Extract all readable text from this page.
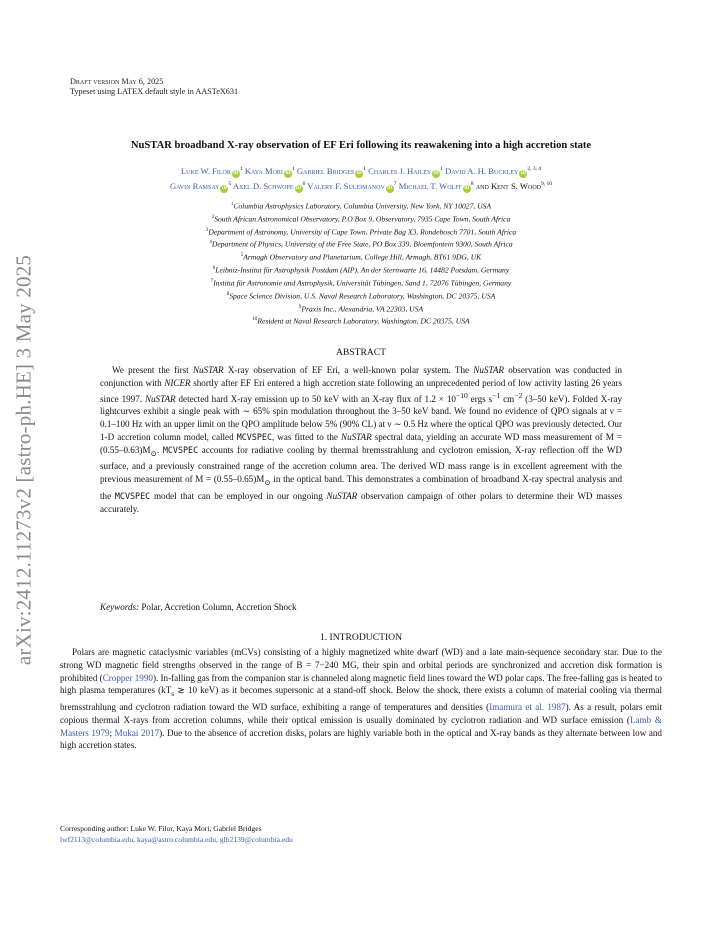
arXiv:2412.11273v2 [astro-ph.HE] 3 May 2025
Draft version May 6, 2025
Typeset using LATEX default style in AASTeX631
NuSTAR broadband X-ray observation of EF Eri following its reawakening into a high accretion state
Luke W. Filor $iD^1$ Kaya Mori $iD^1$ Gabriel Bridges $iD^1$ Charles J. Hailey $iD^1$ David A. H. Buckley iD$^{2, 3, 4}$
Gavin Ramsay $iD^5$ Axel D. Schwope $iD^6$ Valery F. Suleimanov $iD^7$ Michael T. Wolff $iD^8$ and Kent S. Wood$^{9, 10}$
$^1$Columbia Astrophysics Laboratory, Columbia University, New York, NY 10027, USA
$^2$South African Astronomical Observatory, P.O Box 9, Observatory, 7935 Cape Town, South Africa
$^3$Department of Astronomy, University of Cape Town, Private Bag X3, Rondebosch 7701, South Africa
$^4$Department of Physics, University of the Free State, PO Box 339, Bloemfontein 9300, South Africa
$^5$Armagh Observatory and Planetarium, College Hill, Armagh, BT61 9DG, UK
$^6$Leibniz-Institut für Astrophysik Postdam (AIP), An der Sternwarte 16, 14482 Potsdam, Germany
$^7$Institut für Astronomie und Astrophysik, Universität Tübingen, Sand 1, 72076 Tübingen, Germany
$^8$Space Science Division, U.S. Naval Research Laboratory, Washington, DC 20375, USA
$^9$Praxis Inc., Alexandria, VA 22303, USA
$^{10}$Resident at Naval Research Laboratory, Washington, DC 20375, USA
ABSTRACT
We present the first NuSTAR X-ray observation of EF Eri, a well-known polar system. The NuSTAR observation was conducted in conjunction with NICER shortly after EF Eri entered a high accretion state following an unprecedented period of low activity lasting 26 years since 1997. NuSTAR detected hard X-ray emission up to 50 keV with an X-ray flux of $1.2 \times 10^{-10}$ ergs $s^{-1}$ $cm^{-2}$ (3–50 keV). Folded X-ray lightcurves exhibit a single peak with ∼ 65% spin modulation throughout the 3–50 keV band. We found no evidence of QPO signals at ν = 0.1–100 Hz with an upper limit on the QPO amplitude below 5% (90% CL) at ν ∼ 0.5 Hz where the optical QPO was previously detected. Our 1-D accretion column model, called MCVSPEC, was fitted to the NuSTAR spectral data, yielding an accurate WD mass measurement of $M = (0.55-0.63)M_⊙$. MCVSPEC accounts for radiative cooling by thermal bremsstrahlung and cyclotron emission, X-ray reflection off the WD surface, and a previously constrained range of the accretion column area. The derived WD mass range is in excellent agreement with the previous measurement of $M = (0.55-0.65)M_⊙$ in the optical band. This demonstrates a combination of broadband X-ray spectral analysis and the MCVSPEC model that can be employed in our ongoing NuSTAR observation campaign of other polars to determine their WD masses accurately.
Keywords: Polar, Accretion Column, Accretion Shock
1. INTRODUCTION
Polars are magnetic cataclysmic variables (mCVs) consisting of a highly magnetized white dwarf (WD) and a late main-sequence secondary star. Due to the strong WD magnetic field strengths observed in the range of B = 7−240 MG, their spin and orbital periods are synchronized and accretion disk formation is prohibited (Cropper 1990). In-falling gas from the companion star is channeled along magnetic field lines toward the WD polar caps. The free-falling gas is heated to high plasma temperatures ($kT_s$ ≳ 10 keV) as it becomes supersonic at a stand-off shock. Below the shock, there exists a column of material cooling via thermal bremsstrahlung and cyclotron radiation toward the WD surface, exhibiting a range of temperatures and densities (Imamura et al. 1987). As a result, polars emit copious thermal X-rays from accretion columns, while their optical emission is usually dominated by cyclotron radiation and WD surface emission (Lamb & Masters 1979; Mukai 2017). Due to the absence of accretion disks, polars are highly variable both in the optical and X-ray bands as they alternate between low and high accretion states.
Corresponding author: Luke W. Filor, Kaya Mori, Gabriel Bridges
lwf2113@columbia.edu, kaya@astro.columbia.edu, glb2139@columbia.edu
